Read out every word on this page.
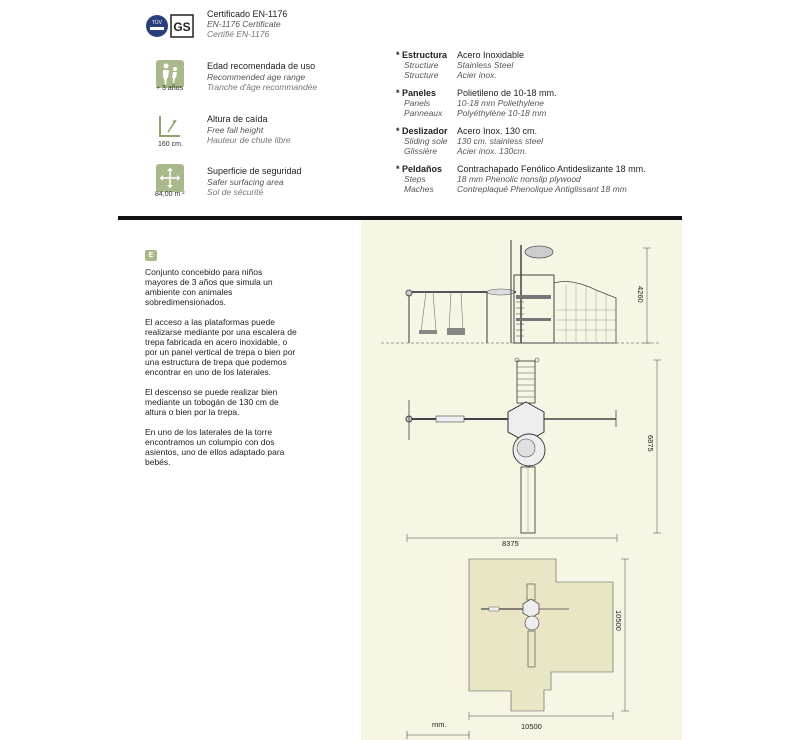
TÜV GS
Certificado EN-1176
EN-1176 Certificate
Certifié EN-1176
+ 3 años
Edad recomendada de uso
Recommended age range
Tranche d'âge recommandée
160 cm.
Altura de caída
Free fall height
Hauteur de chute libre
84,00 m ²
Superficie de seguridad
Safer surfacing area
Sol de sécurité
* Estructura
Structure
Structure
Acero Inoxidable
Stainless Steel
Acier inox.
* Paneles
Panels
Panneaux
Polietileno de 10-18 mm.
10-18 mm Poliethylene
Polyéthylène 10-18 mm
* Deslizador
Sliding sole
Glissière
Acero Inox. 130 cm.
130 cm. stainless steel
Acier inox. 130cm.
* Peldaños
Steps
Maches
Contrachapado Fenólico Antideslizante 18 mm.
18 mm Phenolic nonslip plywood
Contreplaqué Phenolique Antiglissant 18 mm
E

Conjunto concebido para niños mayores de 3 años que simula un ambiente con animales sobredimensionados.

El acceso a las plataformas puede realizarse mediante por una escalera de trepa fabricada en acero inoxidable, o por un panel vertical de trepa o bien por una estructura de trepa que podemos encontrar en uno de los laterales.

El descenso se puede realizar bien mediante un tobogán de 130 cm de altura o bien por la trepa.

En uno de los laterales de la torre encontramos un columpio con dos asientos, uno de ellos adaptado para bebés.

4260
8375
6875
10500
10500
mm.
